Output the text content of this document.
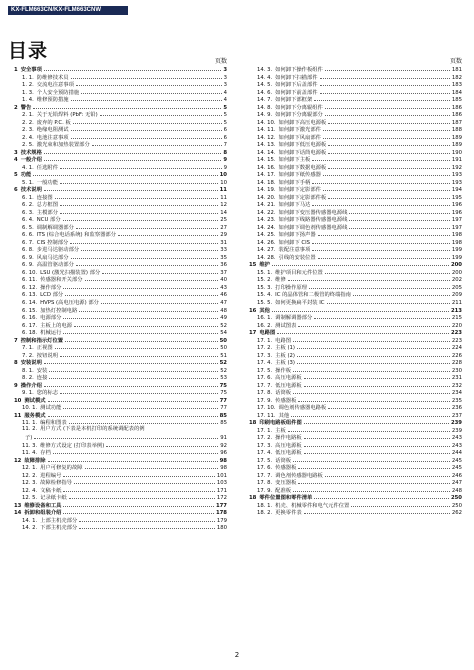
KX-FLM663CN/KX-FLM663CNW
目录	页数
1 安全事项	3
1. 1. 防维修技术员	3
1. 2. 交流电注意事项	3
1. 3. 个人安全预防措施	4
1. 4. 维修预防措施	4
2 警告	5
2. 1. 关于无铅焊料 (PbF: 无铅)	5
2. 2. 废弃的 P.C. 板	5
2. 3. 绝缘电阻测试	6
2. 4. 电池注意事项	6
2. 5. 激光束和加热装置部分	7
3 技术规格	8
4 一般介绍	9
4. 1. 任选附件	9
5 功能	10
5. 1. 一般功能	10
6 技术说明	11
6. 1. 连接图	11
6. 2. 总方框图	12
6. 3. 主模部分	14
6. 4. NCU 部分	25
6. 5. 调制解调器部分	27
6. 6. ITS (综合电话系统) 和监察器部分	29
6. 7. CIS 控制部分	31
6. 8. 步进马达驱动部分	33
6. 9. 风扇马达部分	35
6. 9. 高温管驱动部分	36
6. 10. LSU (激光扫描装置) 部分	37
6. 11. 传感器和开关部分	40
6. 12. 操作部分	43
6. 13. LCD 部分	46
6. 14. HVPS (高电压电源) 部分	47
6. 15. 加热灯控制电路	48
6. 16. 电源部分	49
6. 17. 主板上的电源	52
6. 18. 机械运行	54
7 控制和指示灯位置	50
7. 1. 正视图	50
7. 2. 按钮说明	51
8 安装说明	52
8. 1. 安装	52
8. 2. 连接	53
9 操作介绍	75
9. 1. 您的标志	75
10 测试模式	77
10. 1. 测试功能	77
11 服务模式	85
11. 1. 编程和图表	85
11. 2. 用户方式 (下表是本机打印的系统调配表的例
子)	91
11. 3. 维修方式设定 (打印表举例)	92
11. 4. 存档	96
12 故障排除	98
12. 1. 用户可修复的故障	98
12. 2. 进程编号	101
12. 3. 故障检修指导	103
12. 4. 文稿卡纸	171
12. 5. 记录纸卡纸	172
13 维修设备和工具	177
14 拆卸和组装介绍	178
14. 1. 上部主机壳部分	179
14. 2. 下部主机壳部分	180
页数
14. 3. 如何卸下操作板组件	181
14. 4. 如何卸下扫描部件	182
14. 5. 如何卸下后盖部件	183
14. 6. 如何卸下前盖部件	184
14. 7. 如何卸下部框架	185
14. 8. 如何卸下分离辊组件	186
14. 9. 如何卸下分离辊部分	186
14. 10. 如何卸下高压电源板	187
14. 11. 如何卸下激光部件	188
14. 12. 如何卸下风扇部件	189
14. 13. 如何卸下低压电源板	189
14. 14. 如何卸下话筒电源板	190
14. 15. 如何卸下主板	191
14. 16. 如何卸下数据电源板	192
14. 17. 如何卸下纸传感器	193
14. 18. 如何卸下手柄	193
14. 19. 如何卸下定影部件	194
14. 20. 如何卸下定影部件板	195
14. 21. 如何卸下马达	196
14. 22. 如何卸下变压器传感器电源线	196
14. 23. 如何卸下线路器传感器电源线	197
14. 24. 如何卸下调色剂传感器电源线	197
14. 25. 如何卸下扬声器	198
14. 26. 如何卸下 CIS	198
14. 27. 装配注意事项	199
14. 28. 引线的安装位置	199
15 维护	200
15. 1. 维护项目和元件位置	200
15. 2. 维修	202
15. 3. 打印操作原理	205
15. 4. IC 的晶体管和二极管的终端指南	209
15. 5. 如何更换扁平封装 IC	211
16 其他	213
16. 1. 调制解调器部分	215
16. 2. 测试图表	220
17 电路图	223
17. 1. 电路图	223
17. 2. 主板 (1)	224
17. 3. 主板 (2)	226
17. 4. 主板 (3)	228
17. 5. 操作板	230
17. 6. 高压电源板	231
17. 7. 低压电源板	232
17. 8. 话筒板	234
17. 9. 传感器板	235
17. 10. 调色剂传感器电路板	236
17. 11. 其他	237
18 印刷电路板组件图	239
17. 1. 主板	239
17. 2. 操作电路板	243
17. 3. 高压电源板	243
17. 4. 低压电源板	244
17. 5. 话筒板	245
17. 6. 传感器板	245
17. 7. 调色剂传感器电路板	246
17. 8. 变压器板	247
17. 9. 配准板	248
18 零件位置图和零件清单	250
18. 1. 机壳、机械零件和电气元件位置	250
18. 2. 更换零件表	262
2
